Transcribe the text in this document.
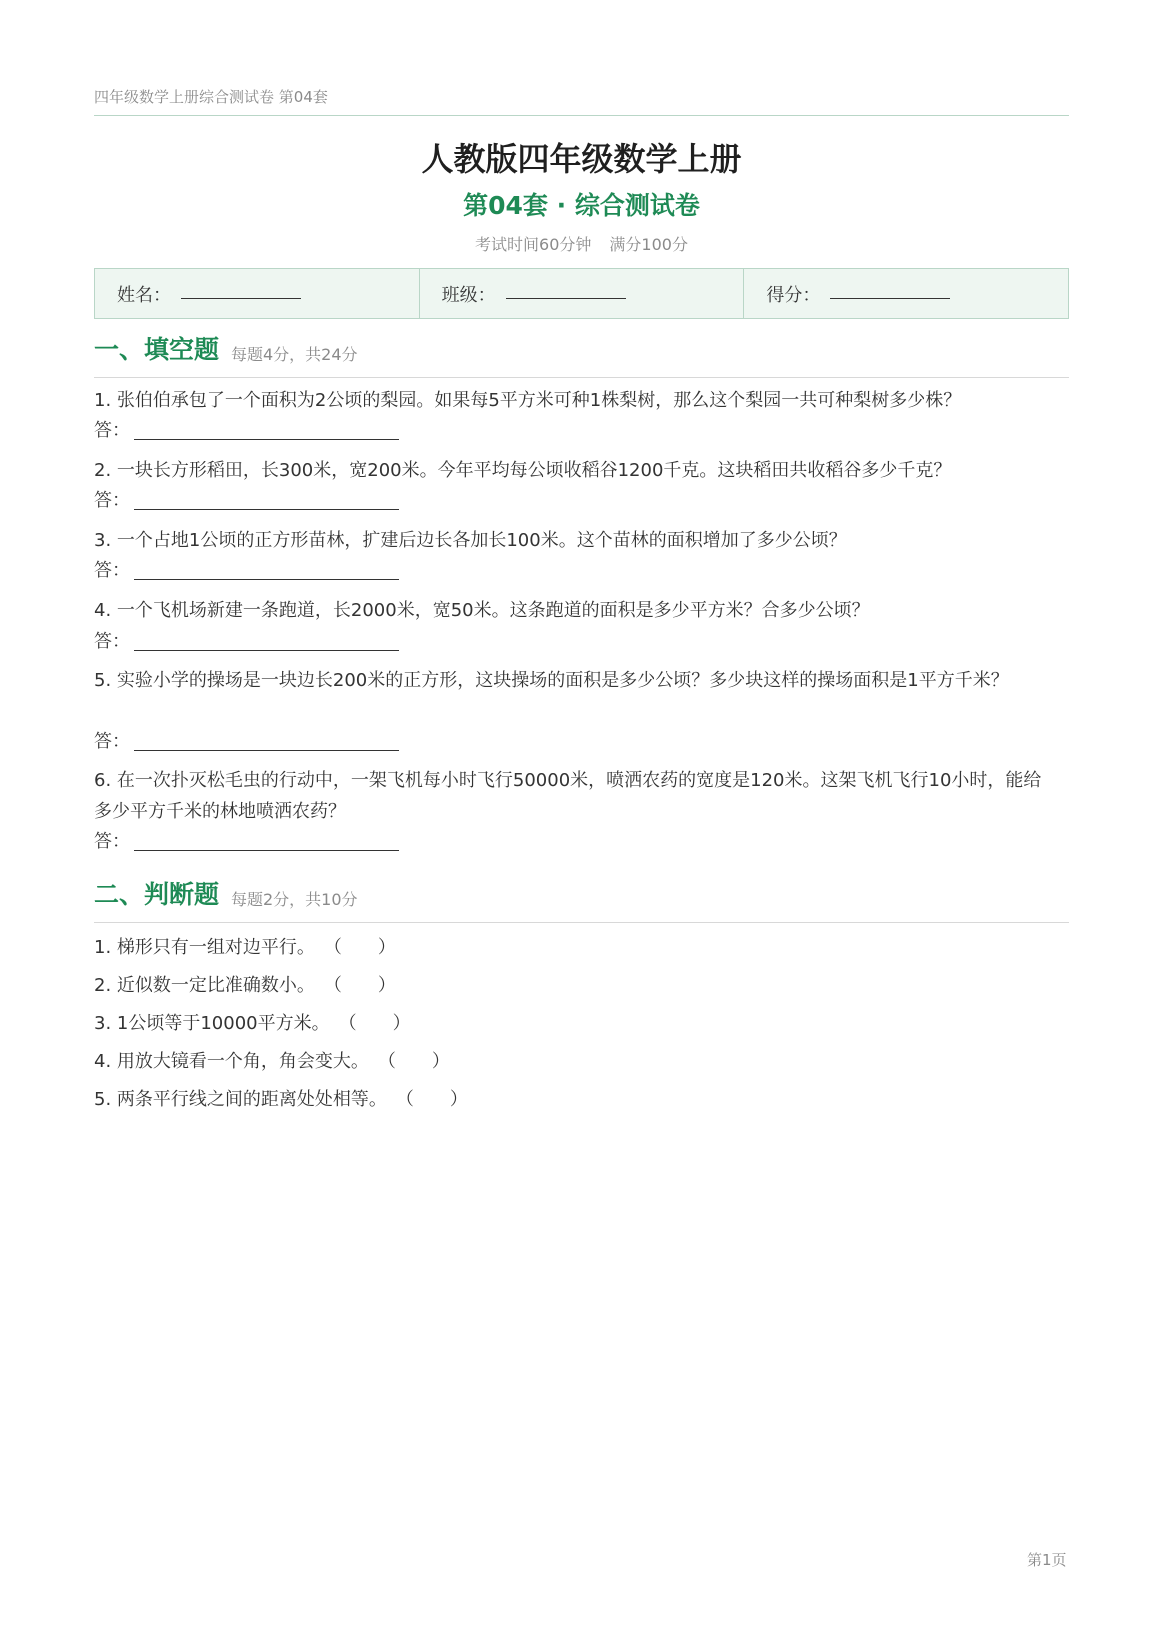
四年级数学上册综合测试卷 第04套
人教版四年级数学上册
第04套 · 综合测试卷
考试时间60分钟 满分100分
姓名：	班级：	得分：
一、填空题 每题4分，共24分
1. 张伯伯承包了一个面积为2公顷的梨园。如果每5平方米可种1株梨树，那么这个梨园一共可种梨树多少株？
答：
2. 一块长方形稻田，长300米，宽200米。今年平均每公顷收稻谷1200千克。这块稻田共收稻谷多少千克？
答：
3. 一个占地1公顷的正方形苗林，扩建后边长各加长100米。这个苗林的面积增加了多少公顷？
答：
4. 一个飞机场新建一条跑道，长2000米，宽50米。这条跑道的面积是多少平方米？合多少公顷？
答：
5. 实验小学的操场是一块边长200米的正方形，这块操场的面积是多少公顷？多少块这样的操场面积是1平方千米？
答：
6. 在一次扑灭松毛虫的行动中，一架飞机每小时飞行50000米，喷洒农药的宽度是120米。这架飞机飞行10小时，能给多少平方千米的林地喷洒农药？
答：
二、判断题 每题2分，共10分
1. 梯形只有一组对边平行。 （　　）
2. 近似数一定比准确数小。 （　　）
3. 1公顷等于10000平方米。 （　　）
4. 用放大镜看一个角，角会变大。 （　　）
5. 两条平行线之间的距离处处相等。 （　　）
第1页
